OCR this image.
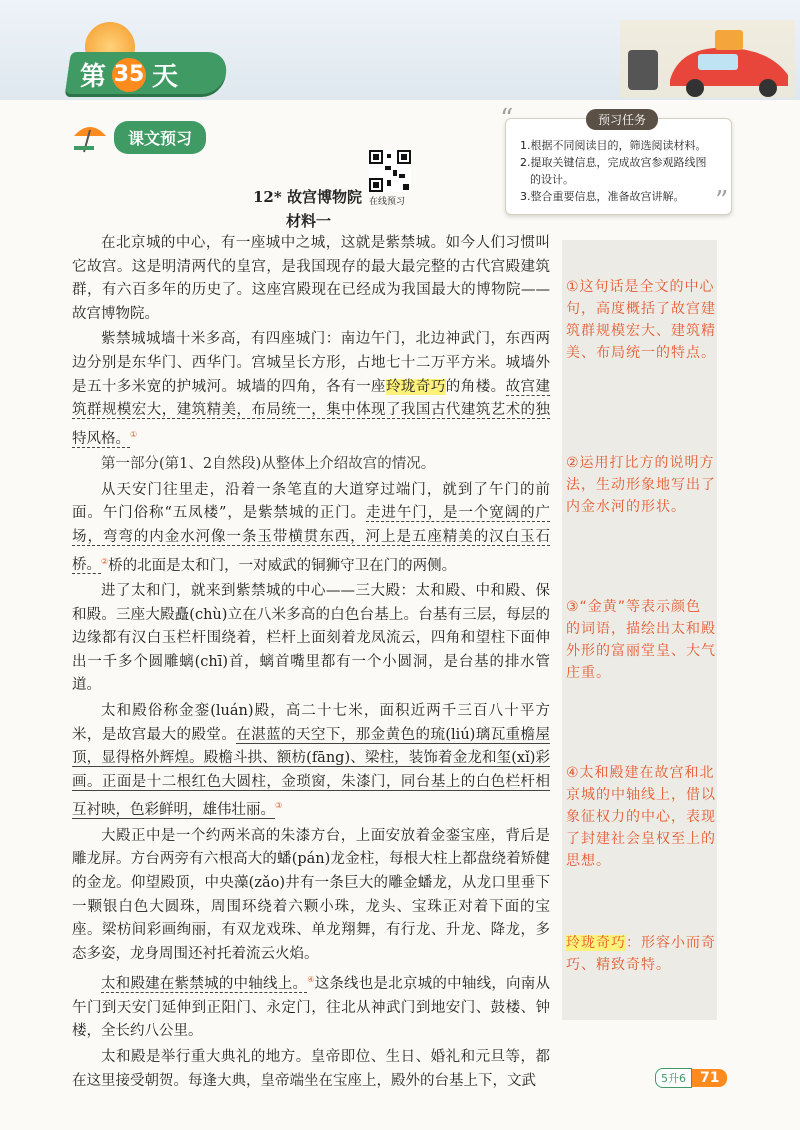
第 35 天
课文预习
预习任务
1.根据不同阅读目的，筛选阅读材料。
2.提取关键信息，完成故宫参观路线图
的设计。
3.整合重要信息，准备故宫讲解。
“
”
在线预习
12* 故宫博物院
材料一
①这句话是全文的中心句，高度概括了故宫建筑群规模宏大、建筑精美、布局统一的特点。
②运用打比方的说明方法，生动形象地写出了内金水河的形状。
③“金黄”等表示颜色的词语，描绘出太和殿外形的富丽堂皇、大气庄重。
④太和殿建在故宫和北京城的中轴线上，借以象征权力的中心，表现了封建社会皇权至上的思想。
玲珑奇巧：形容小而奇巧、精致奇特。

在北京城的中心，有一座城中之城，这就是紫禁城。如今人们习惯叫它故宫。这是明清两代的皇宫，是我国现存的最大最完整的古代宫殿建筑群，有六百多年的历史了。这座宫殿现在已经成为我国最大的博物院——故宫博物院。

紫禁城城墙十米多高，有四座城门：南边午门，北边神武门，东西两边分别是东华门、西华门。宫城呈长方形，占地七十二万平方米。城墙外是五十多米宽的护城河。城墙的四角，各有一座玲珑奇巧的角楼。故宫建筑群规模宏大，建筑精美，布局统一，集中体现了我国古代建筑艺术的独特风格。①

第一部分(第1、2自然段)从整体上介绍故宫的情况。

从天安门往里走，沿着一条笔直的大道穿过端门，就到了午门的前面。午门俗称“五凤楼”，是紫禁城的正门。走进午门，是一个宽阔的广场，弯弯的内金水河像一条玉带横贯东西，河上是五座精美的汉白玉石桥。②桥的北面是太和门，一对威武的铜狮守卫在门的两侧。

进了太和门，就来到紫禁城的中心——三大殿：太和殿、中和殿、保和殿。三座大殿矗(chù)立在八米多高的白色台基上。台基有三层，每层的边缘都有汉白玉栏杆围绕着，栏杆上面刻着龙凤流云，四角和望柱下面伸出一千多个圆雕螭(chī)首，螭首嘴里都有一个小圆洞，是台基的排水管道。

太和殿俗称金銮(luán)殿，高二十七米，面积近两千三百八十平方米，是故宫最大的殿堂。在湛蓝的天空下，那金黄色的琉(liú)璃瓦重檐屋顶，显得格外辉煌。殿檐斗拱、额枋(fāng)、梁柱，装饰着金龙和玺(xǐ)彩画。正面是十二根红色大圆柱，金琐窗，朱漆门，同台基上的白色栏杆相互衬映，色彩鲜明，雄伟壮丽。③

大殿正中是一个约两米高的朱漆方台，上面安放着金銮宝座，背后是雕龙屏。方台两旁有六根高大的蟠(pán)龙金柱，每根大柱上都盘绕着矫健的金龙。仰望殿顶，中央藻(zǎo)井有一条巨大的雕金蟠龙，从龙口里垂下一颗银白色大圆珠，周围环绕着六颗小珠，龙头、宝珠正对着下面的宝座。梁枋间彩画绚丽，有双龙戏珠、单龙翔舞，有行龙、升龙、降龙，多态多姿，龙身周围还衬托着流云火焰。

太和殿建在紫禁城的中轴线上。④这条线也是北京城的中轴线，向南从午门到天安门延伸到正阳门、永定门，往北从神武门到地安门、鼓楼、钟楼，全长约八公里。

太和殿是举行重大典礼的地方。皇帝即位、生日、婚礼和元旦等，都在这里接受朝贺。每逢大典，皇帝端坐在宝座上，殿外的台基上下，文武	5升6	71
